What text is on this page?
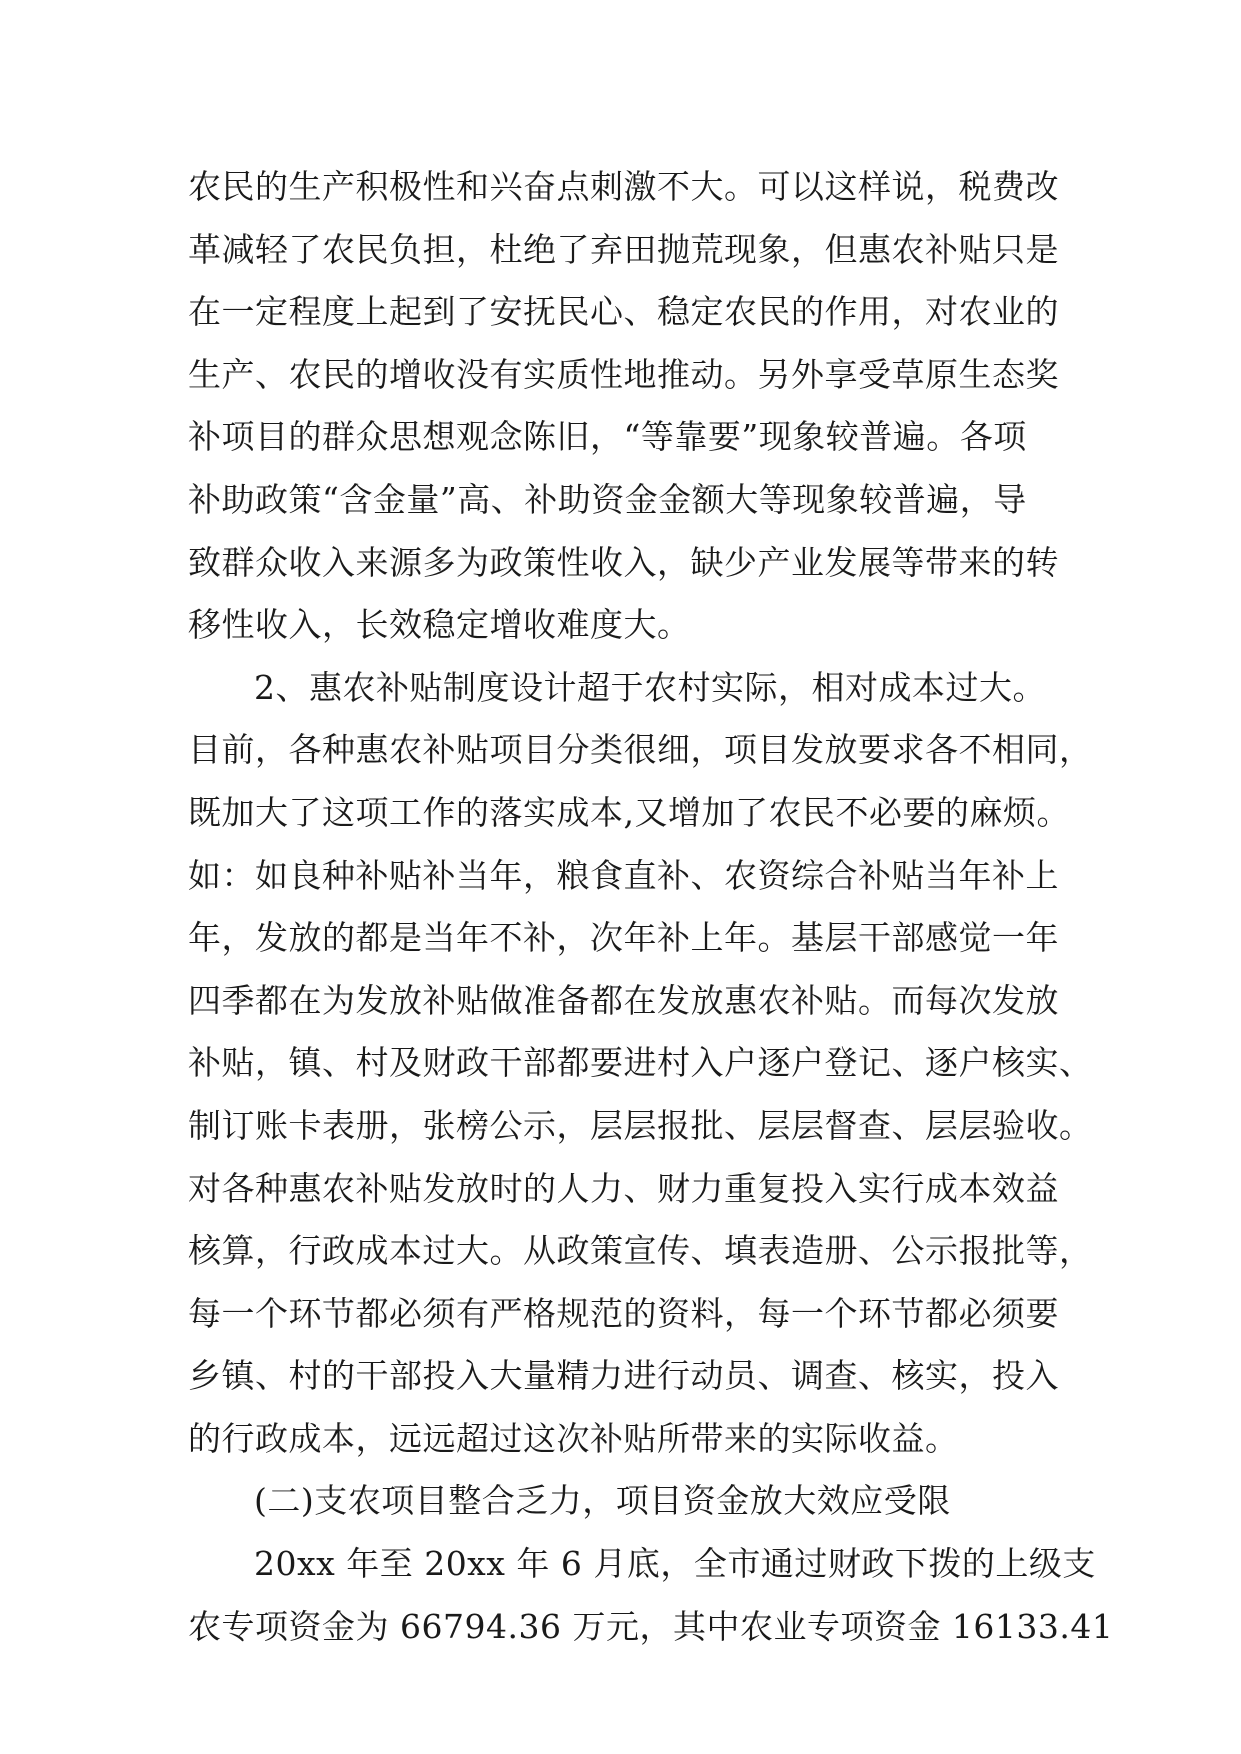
农民的生产积极性和兴奋点刺激不大。可以这样说，税费改
革减轻了农民负担，杜绝了弃田抛荒现象，但惠农补贴只是
在一定程度上起到了安抚民心、稳定农民的作用，对农业的
生产、农民的增收没有实质性地推动。另外享受草原生态奖
补项目的群众思想观念陈旧，“等靠要”现象较普遍。各项
补助政策“含金量”高、补助资金金额大等现象较普遍，导
致群众收入来源多为政策性收入，缺少产业发展等带来的转
移性收入，长效稳定增收难度大。
2、惠农补贴制度设计超于农村实际，相对成本过大。
目前，各种惠农补贴项目分类很细，项目发放要求各不相同，
既加大了这项工作的落实成本,又增加了农民不必要的麻烦。
如：如良种补贴补当年，粮食直补、农资综合补贴当年补上
年，发放的都是当年不补，次年补上年。基层干部感觉一年
四季都在为发放补贴做准备都在发放惠农补贴。而每次发放
补贴，镇、村及财政干部都要进村入户逐户登记、逐户核实、
制订账卡表册，张榜公示，层层报批、层层督查、层层验收。
对各种惠农补贴发放时的人力、财力重复投入实行成本效益
核算，行政成本过大。从政策宣传、填表造册、公示报批等，
每一个环节都必须有严格规范的资料，每一个环节都必须要
乡镇、村的干部投入大量精力进行动员、调查、核实，投入
的行政成本，远远超过这次补贴所带来的实际收益。
(二)支农项目整合乏力，项目资金放大效应受限
20xx 年至 20xx 年 6 月底，全市通过财政下拨的上级支
农专项资金为 66794.36 万元，其中农业专项资金 16133.41
